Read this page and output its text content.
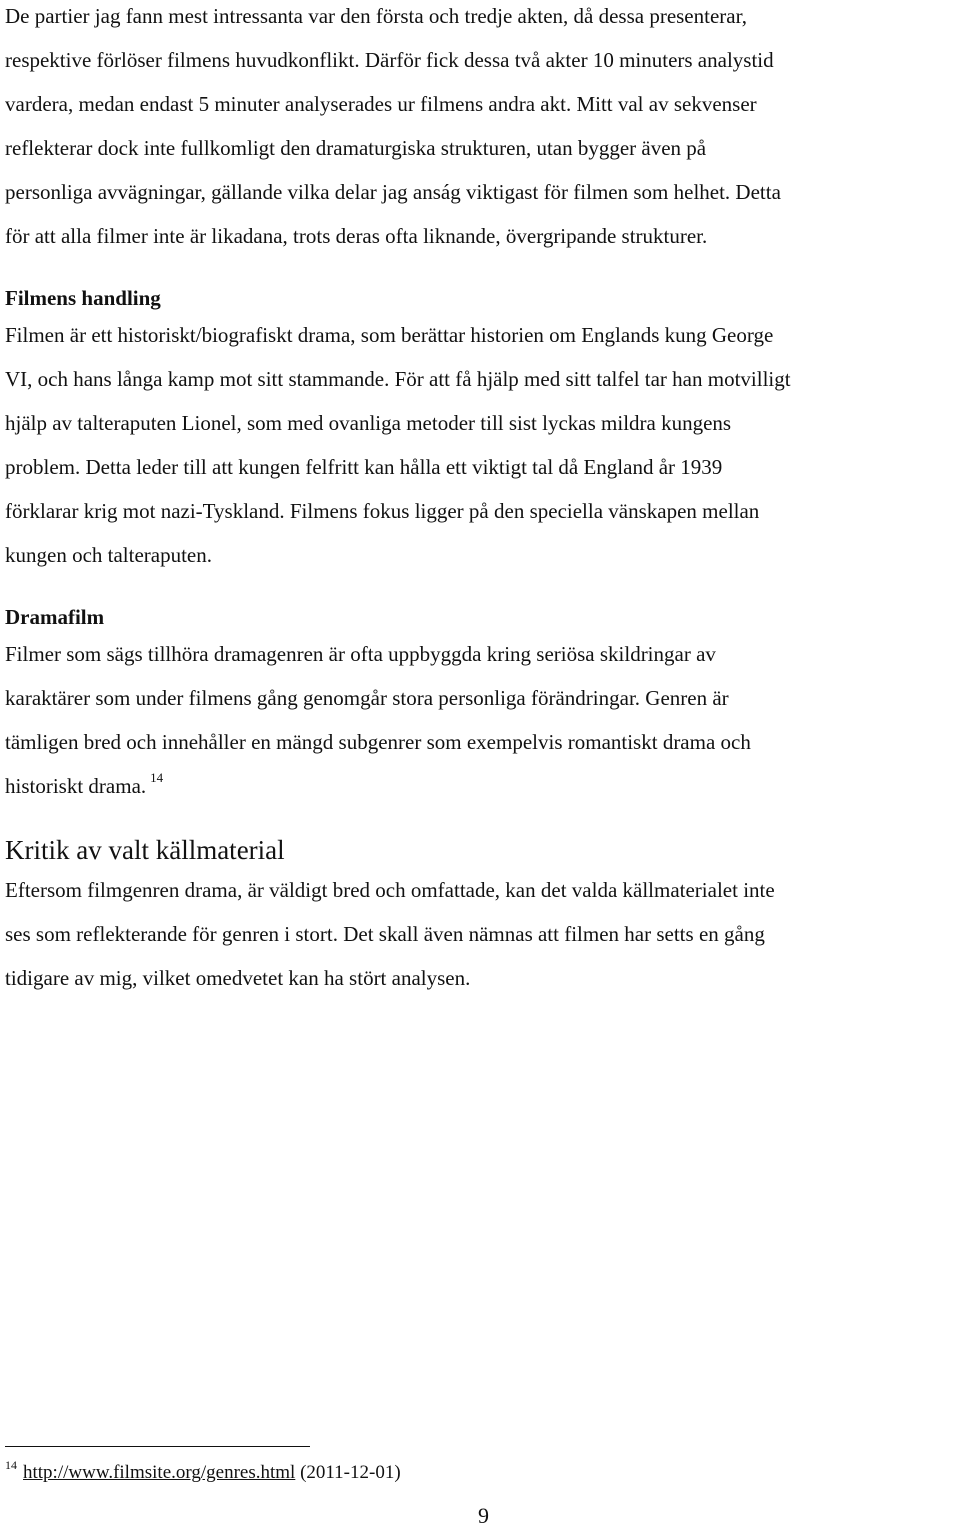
De partier jag fann mest intressanta var den första och tredje akten, då dessa presenterar,
respektive förlöser filmens huvudkonflikt. Därför fick dessa två akter 10 minuters analystid
vardera, medan endast 5 minuter analyserades ur filmens andra akt. Mitt val av sekvenser
reflekterar dock inte fullkomligt den dramaturgiska strukturen, utan bygger även på
personliga avvägningar, gällande vilka delar jag anság viktigast för filmen som helhet. Detta
för att alla filmer inte är likadana, trots deras ofta liknande, övergripande strukturer.
Filmens handling
Filmen är ett historiskt/biografiskt drama, som berättar historien om Englands kung George
VI, och hans långa kamp mot sitt stammande. För att få hjälp med sitt talfel tar han motvilligt
hjälp av talteraputen Lionel, som med ovanliga metoder till sist lyckas mildra kungens
problem. Detta leder till att kungen felfritt kan hålla ett viktigt tal då England år 1939
förklarar krig mot nazi-Tyskland. Filmens fokus ligger på den speciella vänskapen mellan
kungen och talteraputen.
Dramafilm
Filmer som sägs tillhöra dramagenren är ofta uppbyggda kring seriösa skildringar av
karaktärer som under filmens gång genomgår stora personliga förändringar. Genren är
tämligen bred och innehåller en mängd subgenrer som exempelvis romantiskt drama och
historiskt drama. $^{14}$
Kritik av valt källmaterial
Eftersom filmgenren drama, är väldigt bred och omfattade, kan det valda källmaterialet inte
ses som reflekterande för genren i stort. Det skall även nämnas att filmen har setts en gång
tidigare av mig, vilket omedvetet kan ha stört analysen.
$^{14}$ http://www.filmsite.org/genres.html (2011-12-01)
9
